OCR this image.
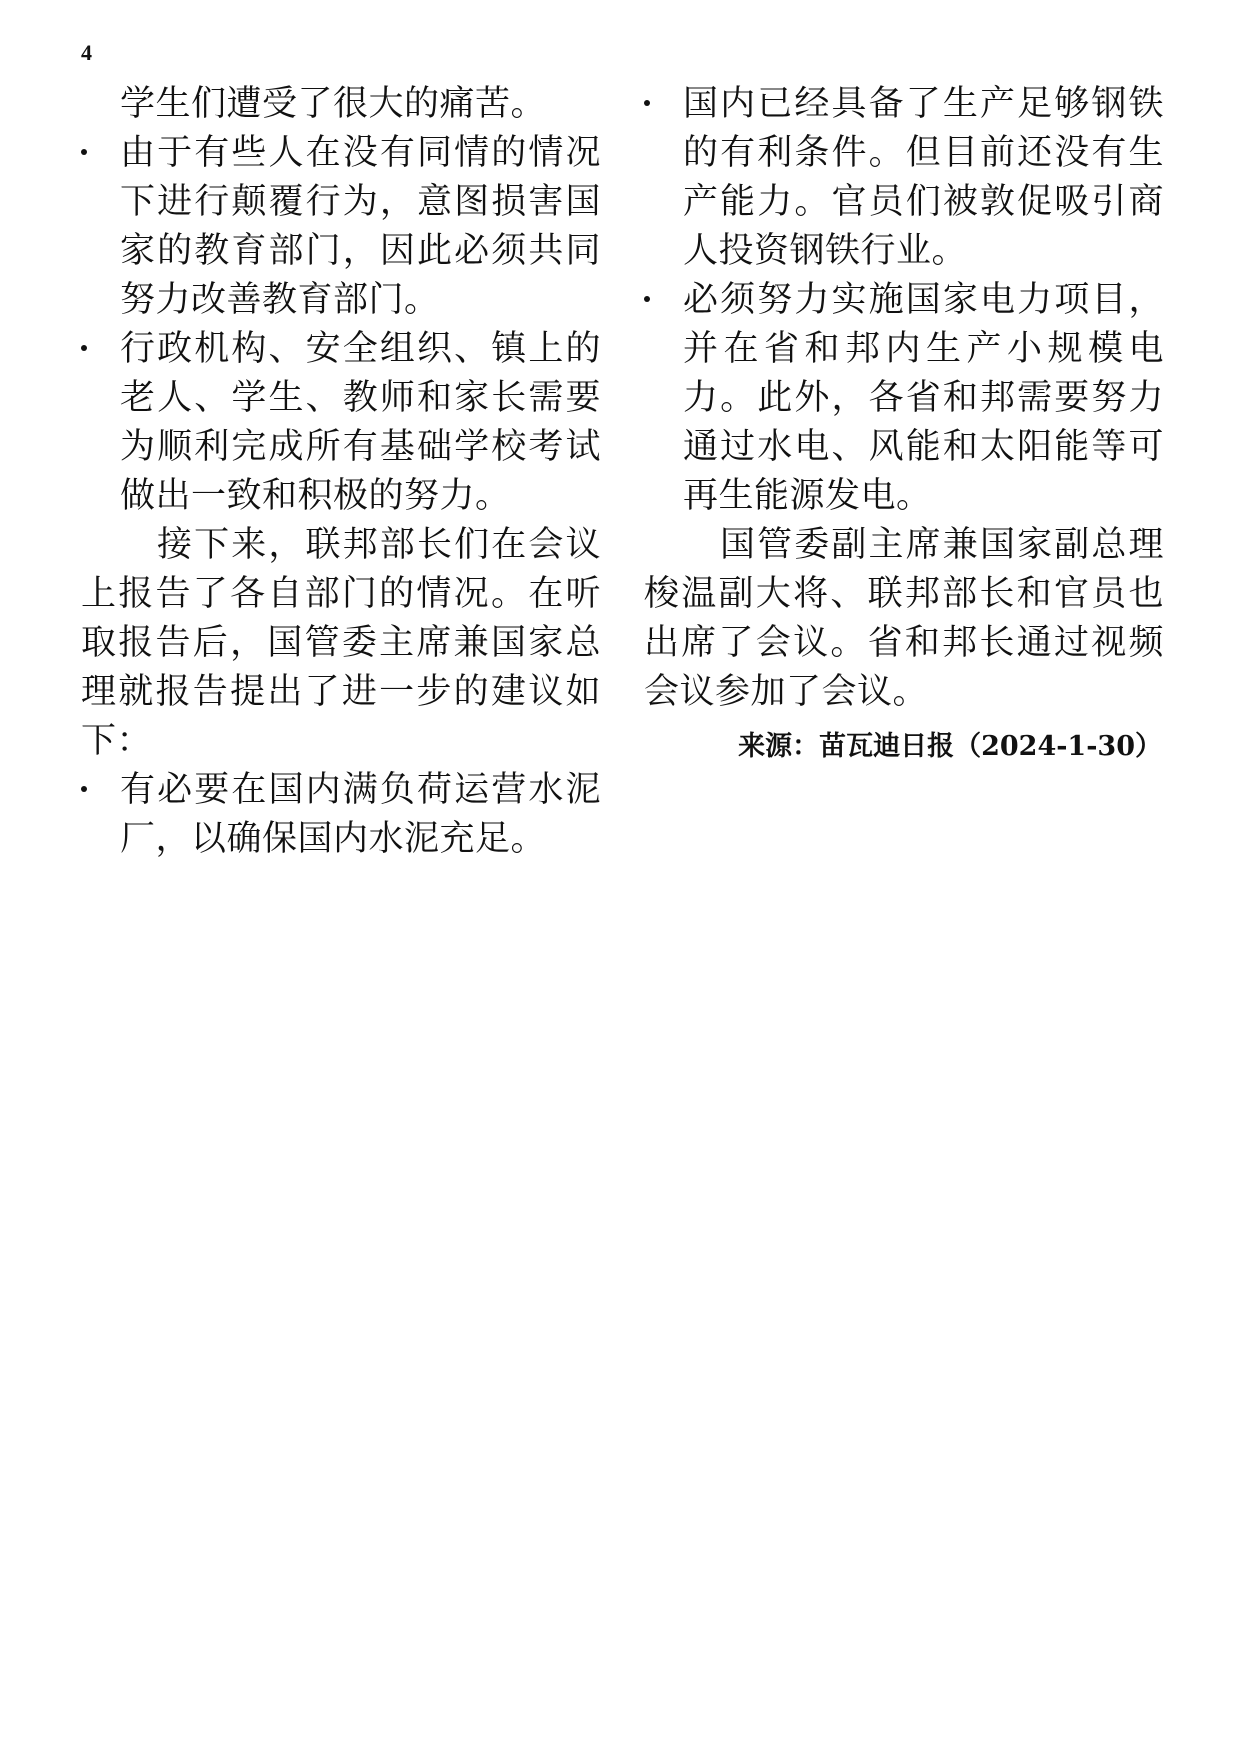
4

学生们遭受了很大的痛苦。

由于有些人在没有同情的情况下进行颠覆行为，意图损害国家的教育部门，因此必须共同努力改善教育部门。
行政机构、安全组织、镇上的老人、学生、教师和家长需要为顺利完成所有基础学校考试做出一致和积极的努力。

接下来，联邦部长们在会议上报告了各自部门的情况。在听取报告后，国管委主席兼国家总理就报告提出了进一步的建议如下：

有必要在国内满负荷运营水泥厂，以确保国内水泥充足。
国内已经具备了生产足够钢铁的有利条件。但目前还没有生产能力。官员们被敦促吸引商人投资钢铁行业。
必须努力实施国家电力项目，并在省和邦内生产小规模电力。此外，各省和邦需要努力通过水电、风能和太阳能等可再生能源发电。

国管委副主席兼国家副总理梭温副大将、联邦部长和官员也出席了会议。省和邦长通过视频会议参加了会议。

来源：苗瓦迪日报（2024-1-30）
